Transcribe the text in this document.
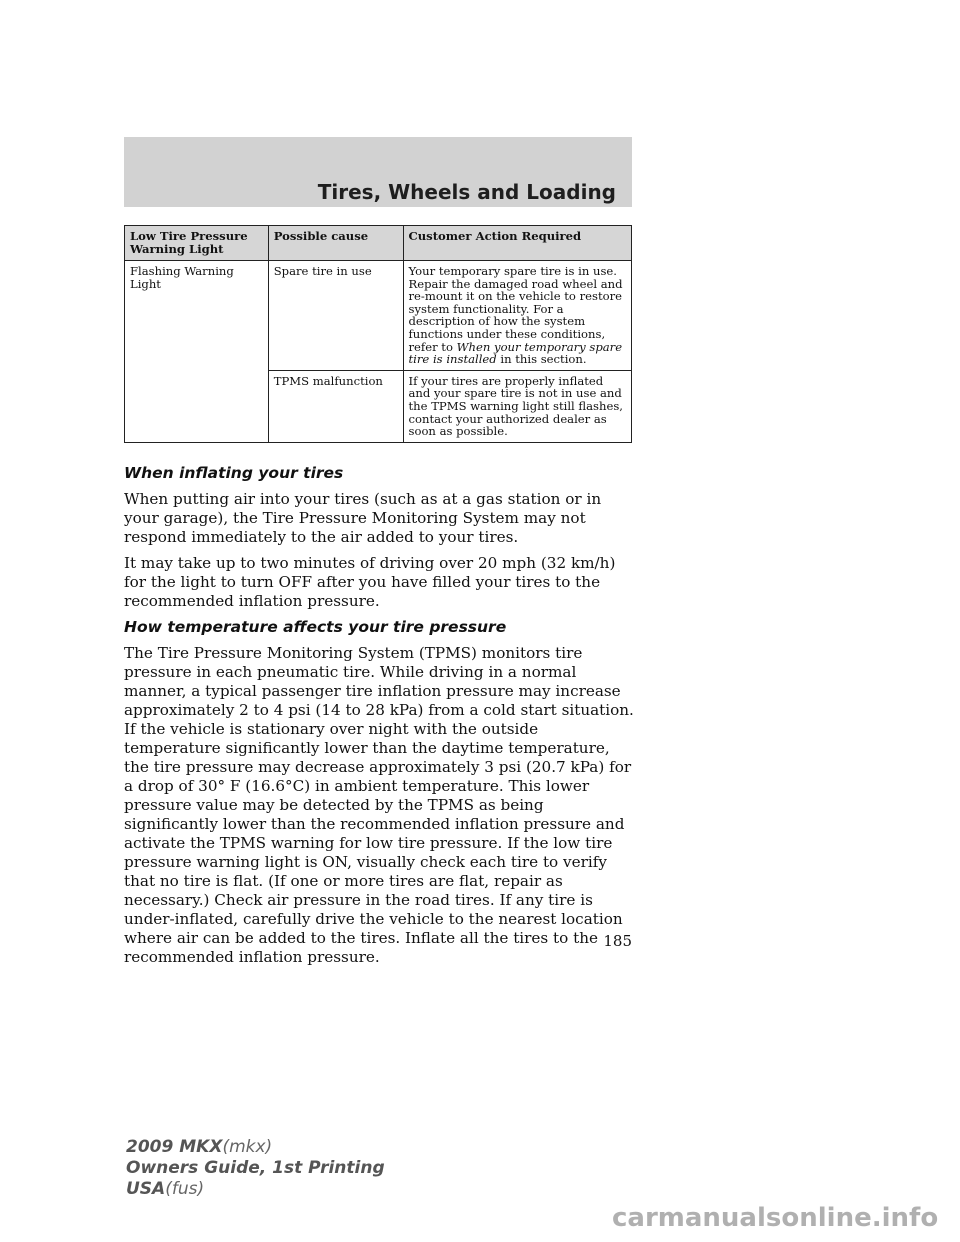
Tires, Wheels and Loading
Low Tire Pressure Warning Light	Possible cause	Customer Action Required
Flashing Warning Light	Spare tire in use	Your temporary spare tire is in use. Repair the damaged road wheel and re-mount it on the vehicle to restore system functionality. For a description of how the system functions under these conditions, refer to When your temporary spare tire is installed in this section.
	TPMS malfunction	If your tires are properly inflated and your spare tire is not in use and the TPMS warning light still flashes, contact your authorized dealer as soon as possible.
When inflating your tires

When putting air into your tires (such as at a gas station or in your garage), the Tire Pressure Monitoring System may not respond immediately to the air added to your tires.

It may take up to two minutes of driving over 20 mph (32 km/h) for the light to turn OFF after you have filled your tires to the recommended inflation pressure.

How temperature affects your tire pressure

The Tire Pressure Monitoring System (TPMS) monitors tire pressure in each pneumatic tire. While driving in a normal manner, a typical passenger tire inflation pressure may increase approximately 2 to 4 psi (14 to 28 kPa) from a cold start situation. If the vehicle is stationary over night with the outside temperature significantly lower than the daytime temperature, the tire pressure may decrease approximately 3 psi (20.7 kPa) for a drop of 30° F (16.6°C) in ambient temperature. This lower pressure value may be detected by the TPMS as being significantly lower than the recommended inflation pressure and activate the TPMS warning for low tire pressure. If the low tire pressure warning light is ON, visually check each tire to verify that no tire is flat. (If one or more tires are flat, repair as necessary.) Check air pressure in the road tires. If any tire is under-inflated, carefully drive the vehicle to the nearest location where air can be added to the tires. Inflate all the tires to the recommended inflation pressure.

185
2009 MKX(mkx)
Owners Guide, 1st Printing
USA(fus)
carmanualsonline.info
